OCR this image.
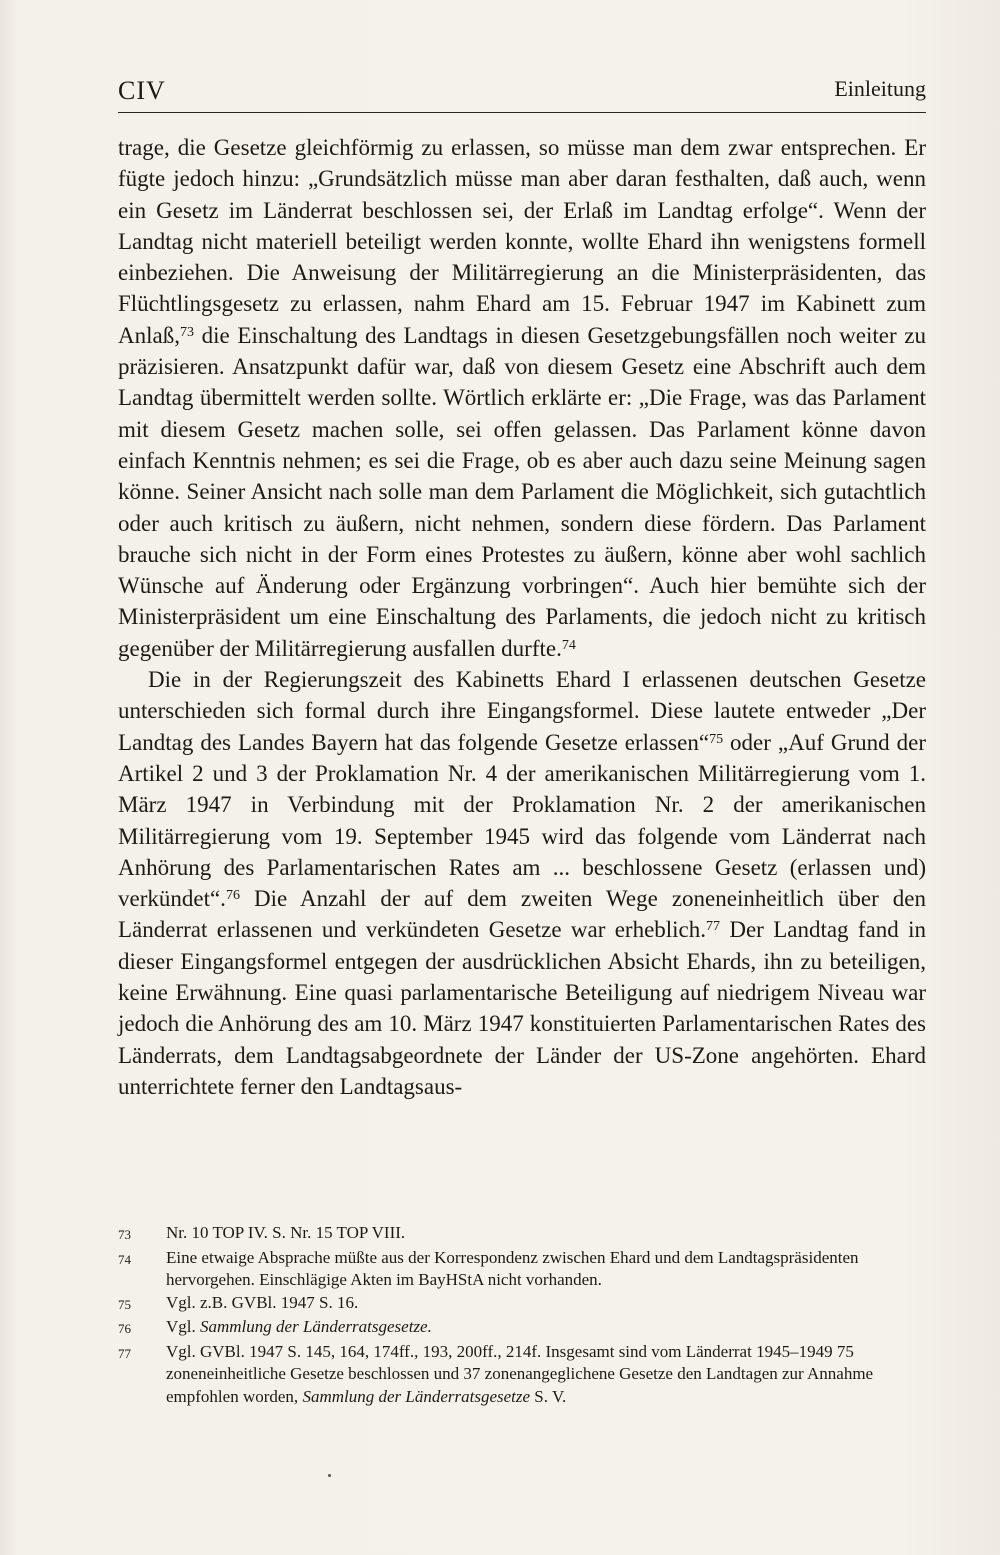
CIV	Einleitung

trage, die Gesetze gleichförmig zu erlassen, so müsse man dem zwar entsprechen. Er fügte jedoch hinzu: „Grundsätzlich müsse man aber daran festhalten, daß auch, wenn ein Gesetz im Länderrat beschlossen sei, der Erlaß im Landtag erfolge“. Wenn der Landtag nicht materiell beteiligt werden konnte, wollte Ehard ihn wenigstens formell einbeziehen. Die Anweisung der Militärregierung an die Ministerpräsidenten, das Flüchtlingsgesetz zu erlassen, nahm Ehard am 15. Februar 1947 im Kabinett zum Anlaß,$^{73}$ die Einschaltung des Landtags in diesen Gesetzgebungsfällen noch weiter zu präzisieren. Ansatzpunkt dafür war, daß von diesem Gesetz eine Abschrift auch dem Landtag übermittelt werden sollte. Wörtlich erklärte er: „Die Frage, was das Parlament mit diesem Gesetz machen solle, sei offen gelassen. Das Parlament könne davon einfach Kenntnis nehmen; es sei die Frage, ob es aber auch dazu seine Meinung sagen könne. Seiner Ansicht nach solle man dem Parlament die Möglichkeit, sich gutachtlich oder auch kritisch zu äußern, nicht nehmen, sondern diese fördern. Das Parlament brauche sich nicht in der Form eines Protestes zu äußern, könne aber wohl sachlich Wünsche auf Änderung oder Ergänzung vorbringen“. Auch hier bemühte sich der Ministerpräsident um eine Einschaltung des Parlaments, die jedoch nicht zu kritisch gegenüber der Militärregierung ausfallen durfte.$^{74}$

Die in der Regierungszeit des Kabinetts Ehard I erlassenen deutschen Gesetze unterschieden sich formal durch ihre Eingangsformel. Diese lautete entweder „Der Landtag des Landes Bayern hat das folgende Gesetze erlassen“$^{75}$ oder „Auf Grund der Artikel 2 und 3 der Proklamation Nr. 4 der amerikanischen Militärregierung vom 1. März 1947 in Verbindung mit der Proklamation Nr. 2 der amerikanischen Militärregierung vom 19. September 1945 wird das folgende vom Länderrat nach Anhörung des Parlamentarischen Rates am ... beschlossene Gesetz (erlassen und) verkündet“.$^{76}$ Die Anzahl der auf dem zweiten Wege zoneneinheitlich über den Länderrat erlassenen und verkündeten Gesetze war erheblich.$^{77}$ Der Landtag fand in dieser Eingangsformel entgegen der ausdrücklichen Absicht Ehards, ihn zu beteiligen, keine Erwähnung. Eine quasi parlamentarische Beteiligung auf niedrigem Niveau war jedoch die Anhörung des am 10. März 1947 konstituierten Parlamentarischen Rates des Länderrats, dem Landtagsabgeordnete der Länder der US-Zone angehörten. Ehard unterrichtete ferner den Landtagsaus-

73	Nr. 10 TOP IV. S. Nr. 15 TOP VIII.
74	Eine etwaige Absprache müßte aus der Korrespondenz zwischen Ehard und dem Landtagspräsidenten hervorgehen. Einschlägige Akten im BayHStA nicht vorhanden.
75	Vgl. z.B. GVBl. 1947 S. 16.
76	Vgl. Sammlung der Länderratsgesetze.
77	Vgl. GVBl. 1947 S. 145, 164, 174ff., 193, 200ff., 214f. Insgesamt sind vom Länderrat 1945–1949 75 zoneneinheitliche Gesetze beschlossen und 37 zonenangeglichene Gesetze den Landtagen zur Annahme empfohlen worden, Sammlung der Länderratsgesetze S. V.
